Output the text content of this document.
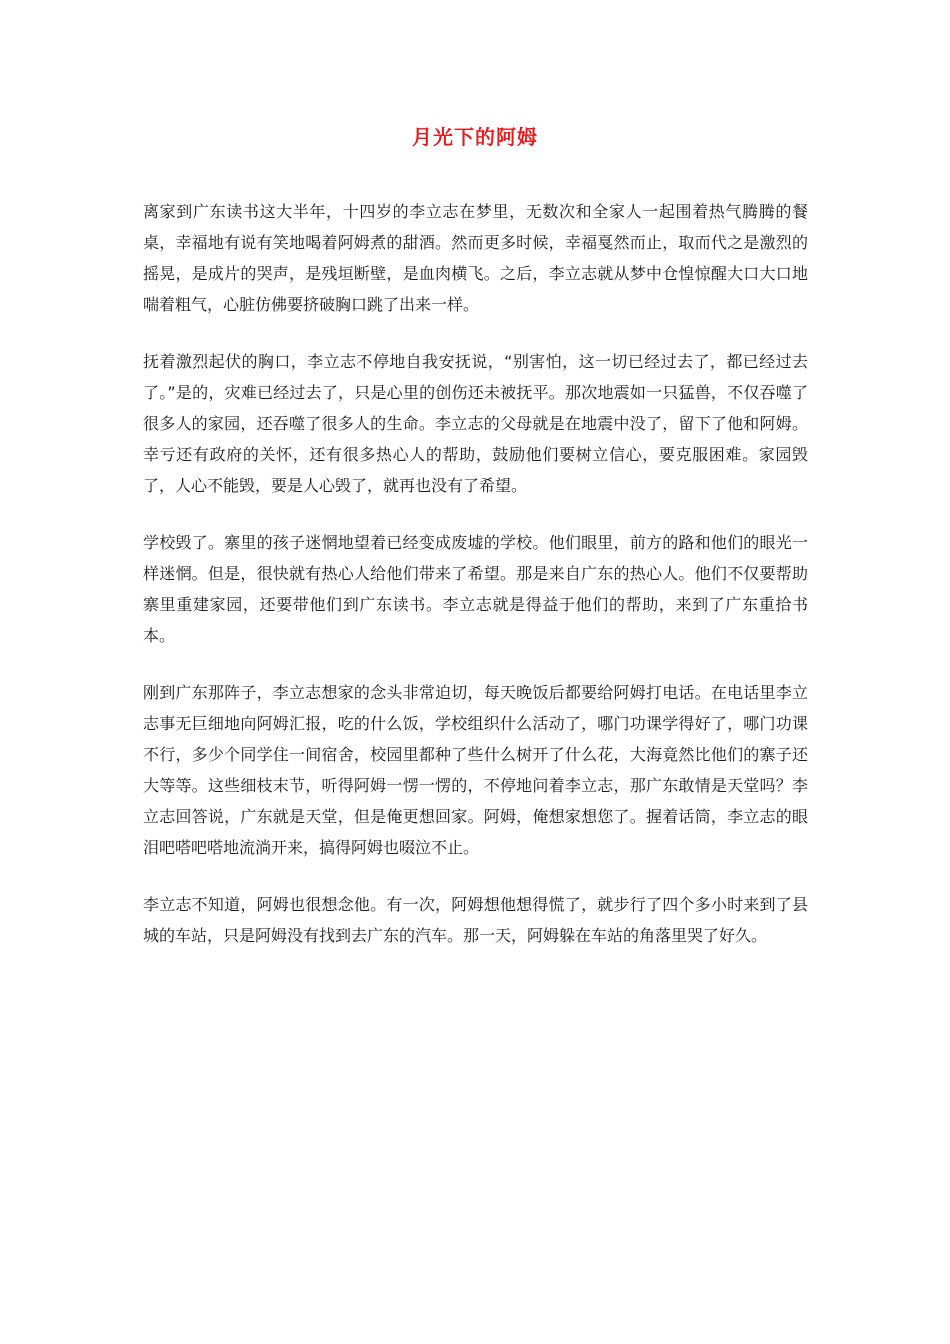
月光下的阿姆

离家到广东读书这大半年，十四岁的李立志在梦里，无数次和全家人一起围着热气腾腾的餐桌，幸福地有说有笑地喝着阿姆煮的甜酒。然而更多时候，幸福戛然而止，取而代之是激烈的摇晃，是成片的哭声，是残垣断壁，是血肉横飞。之后，李立志就从梦中仓惶惊醒大口大口地喘着粗气，心脏仿佛要挤破胸口跳了出来一样。

抚着激烈起伏的胸口，李立志不停地自我安抚说，“别害怕，这一切已经过去了，都已经过去了。”是的，灾难已经过去了，只是心里的创伤还未被抚平。那次地震如一只猛兽，不仅吞噬了很多人的家园，还吞噬了很多人的生命。李立志的父母就是在地震中没了，留下了他和阿姆。幸亏还有政府的关怀，还有很多热心人的帮助，鼓励他们要树立信心，要克服困难。家园毁了，人心不能毁，要是人心毁了，就再也没有了希望。

学校毁了。寨里的孩子迷惘地望着已经变成废墟的学校。他们眼里，前方的路和他们的眼光一样迷惘。但是，很快就有热心人给他们带来了希望。那是来自广东的热心人。他们不仅要帮助寨里重建家园，还要带他们到广东读书。李立志就是得益于他们的帮助，来到了广东重拾书本。

刚到广东那阵子，李立志想家的念头非常迫切，每天晚饭后都要给阿姆打电话。在电话里李立志事无巨细地向阿姆汇报，吃的什么饭，学校组织什么活动了，哪门功课学得好了，哪门功课不行，多少个同学住一间宿舍，校园里都种了些什么树开了什么花，大海竟然比他们的寨子还大等等。这些细枝末节，听得阿姆一愣一愣的，不停地问着李立志，那广东敢情是天堂吗？李立志回答说，广东就是天堂，但是俺更想回家。阿姆，俺想家想您了。握着话筒，李立志的眼泪吧嗒吧嗒地流淌开来，搞得阿姆也啜泣不止。

李立志不知道，阿姆也很想念他。有一次，阿姆想他想得慌了，就步行了四个多小时来到了县城的车站，只是阿姆没有找到去广东的汽车。那一天，阿姆躲在车站的角落里哭了好久。
